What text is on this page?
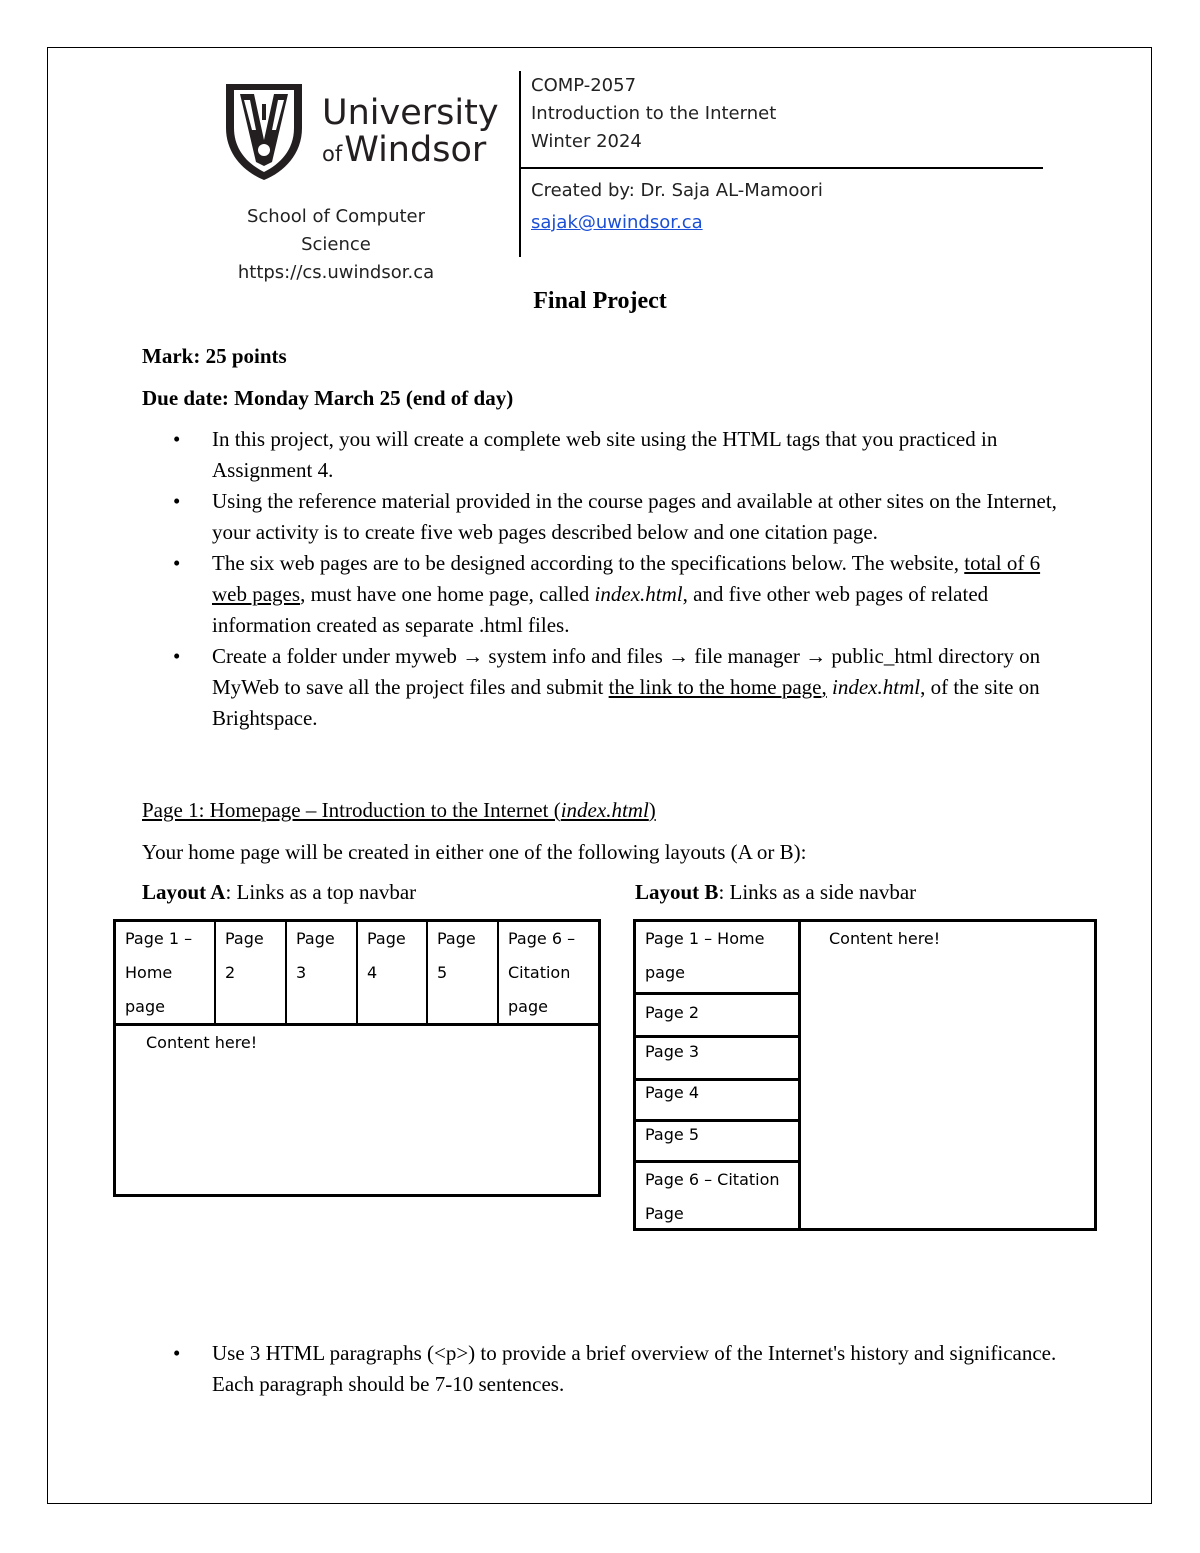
University
ofWindsor
School of Computer Science
https://cs.uwindsor.ca
COMP-2057
Introduction to the Internet
Winter 2024
Created by: Dr. Saja AL-Mamoori
sajak@uwindsor.ca
Final Project
Mark: 25 points
Due date: Monday March 25 (end of day)
• In this project, you will create a complete web site using the HTML tags that you practiced in Assignment 4.
• Using the reference material provided in the course pages and available at other sites on the Internet, your activity is to create five web pages described below and one citation page.
• The six web pages are to be designed according to the specifications below. The website, total of 6 web pages, must have one home page, called index.html, and five other web pages of related information created as separate .html files.
• Create a folder under myweb → system info and files → file manager → public_html directory on MyWeb to save all the project files and submit the link to the home page, index.html, of the site on Brightspace.
Page 1: Homepage – Introduction to the Internet (index.html)
Your home page will be created in either one of the following layouts (A or B):
Layout A: Links as a top navbar	Layout B: Links as a side navbar
Page 1 – Home page
Page 2
Page 3
Page 4
Page 5
Page 6 – Citation page
Content here!
Page 1 – Home page
Page 2
Page 3
Page 4
Page 5
Page 6 – Citation Page
Content here!
• Use 3 HTML paragraphs (<p>) to provide a brief overview of the Internet's history and significance. Each paragraph should be 7-10 sentences.
